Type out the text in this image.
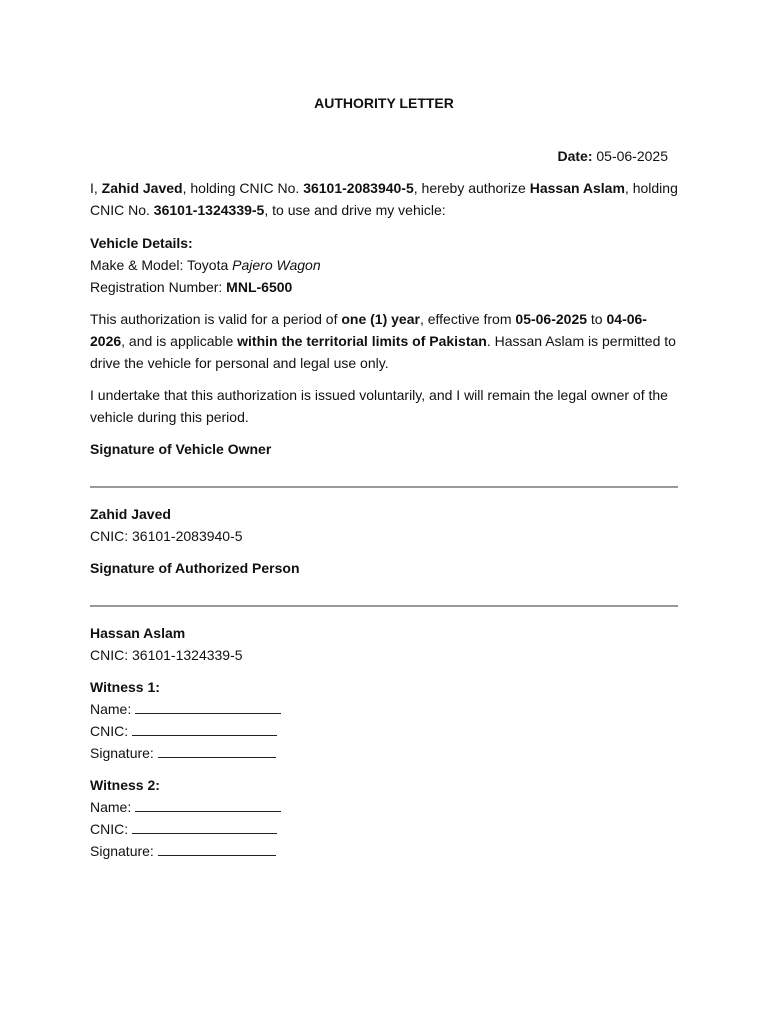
AUTHORITY LETTER
Date: 05-06-2025

I, Zahid Javed, holding CNIC No. 36101-2083940-5, hereby authorize Hassan Aslam, holding CNIC No. 36101-1324339-5, to use and drive my vehicle:

Vehicle Details:
Make & Model: Toyota Pajero Wagon
Registration Number: MNL-6500

This authorization is valid for a period of one (1) year, effective from 05-06-2025 to 04-06-2026, and is applicable within the territorial limits of Pakistan. Hassan Aslam is permitted to drive the vehicle for personal and legal use only.

I undertake that this authorization is issued voluntarily, and I will remain the legal owner of the vehicle during this period.

Signature of Vehicle Owner
Zahid Javed
CNIC: 36101-2083940-5
Signature of Authorized Person
Hassan Aslam
CNIC: 36101-1324339-5
Witness 1:
Name:
CNIC:
Signature:
Witness 2:
Name:
CNIC:
Signature:
